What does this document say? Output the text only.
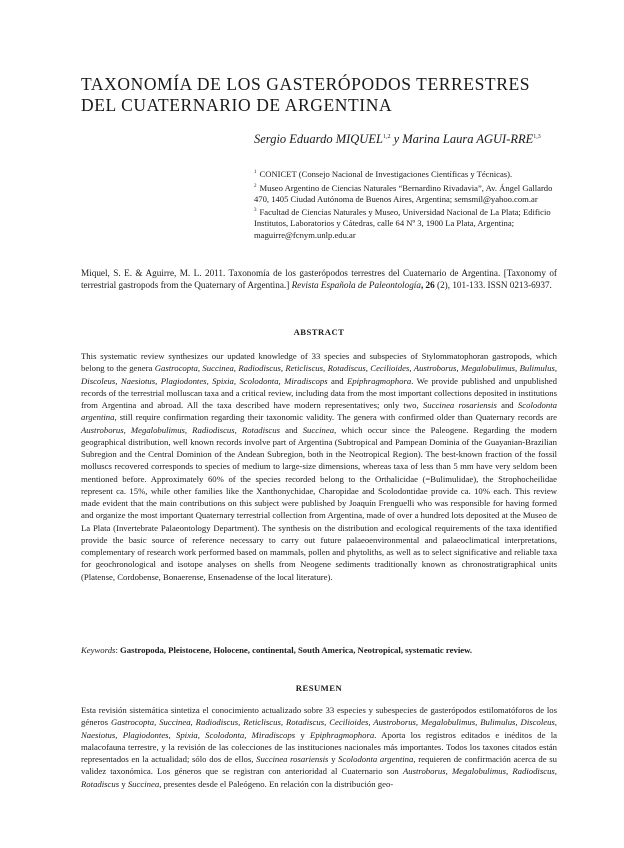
TAXONOMÍA DE LOS GASTERÓPODOS TERRESTRES DEL CUATERNARIO DE ARGENTINA
Sergio Eduardo MIQUEL$^{1,2}$ y Marina Laura AGUI-RRE$^{1,3}$

$^1$ CONICET (Consejo Nacional de Investigaciones Científicas y Técnicas).

$^2$ Museo Argentino de Ciencias Naturales “Bernardino Rivadavia”, Av. Ángel Gallardo 470, 1405 Ciudad Autónoma de Buenos Aires, Argentina; semsmil@yahoo.com.ar

$^3$ Facultad de Ciencias Naturales y Museo, Universidad Nacional de La Plata; Edificio Institutos, Laboratorios y Cátedras, calle 64 Nº 3, 1900 La Plata, Argentina; maguirre@fcnym.unlp.edu.ar

Miquel, S. E. & Aguirre, M. L. 2011. Taxonomía de los gasterópodos terrestres del Cuaternario de Argentina. [Taxonomy of terrestrial gastropods from the Quaternary of Argentina.] Revista Española de Paleontología, 26 (2), 101-133. ISSN 0213-6937.
ABSTRACT

This systematic review synthesizes our updated knowledge of 33 species and subspecies of Stylommatophoran gastropods, which belong to the genera Gastrocopta, Succinea, Radiodiscus, Reticliscus, Rotadiscus, Cecilioides, Austroborus, Megalobulimus, Bulimulus, Discoleus, Naesiotus, Plagiodontes, Spixia, Scolodonta, Miradiscops and Epiphragmophora. We provide published and unpublished records of the terrestrial molluscan taxa and a critical review, including data from the most important collections deposited in institutions from Argentina and abroad. All the taxa described have modern representatives; only two, Succinea rosariensis and Scolodonta argentina, still require confirmation regarding their taxonomic validity. The genera with confirmed older than Quaternary records are Austroborus, Megalobulimus, Radiodiscus, Rotadiscus and Succinea, which occur since the Paleogene. Regarding the modern geographical distribution, well known records involve part of Argentina (Subtropical and Pampean Dominia of the Guayanian-Brazilian Subregion and the Central Dominion of the Andean Subregion, both in the Neotropical Region). The best-known fraction of the fossil molluscs recovered corresponds to species of medium to large-size dimensions, whereas taxa of less than 5 mm have very seldom been mentioned before. Approximately 60% of the species recorded belong to the Orthalicidae (=Bulimulidae), the Strophocheilidae represent ca. 15%, while other families like the Xanthonychidae, Charopidae and Scolodontidae provide ca. 10% each. This review made evident that the main contributions on this subject were published by Joaquín Frenguelli who was responsible for having formed and organize the most important Quaternary terrestrial collection from Argentina, made of over a hundred lots deposited at the Museo de La Plata (Invertebrate Palaeontology Department). The synthesis on the distribution and ecological requirements of the taxa identified provide the basic source of reference necessary to carry out future palaeoenvironmental and palaeoclimatical interpretations, complementary of research work performed based on mammals, pollen and phytoliths, as well as to select significative and reliable taxa for geochronological and isotope analyses on shells from Neogene sediments traditionally known as chronostratigraphical units (Platense, Cordobense, Bonaerense, Ensenadense of the local literature).

Keywords: Gastropoda, Pleistocene, Holocene, continental, South America, Neotropical, systematic review.
RESUMEN

Esta revisión sistemática sintetiza el conocimiento actualizado sobre 33 especies y subespecies de gasterópodos estilomatóforos de los géneros Gastrocopta, Succinea, Radiodiscus, Reticliscus, Rotadiscus, Cecilioides, Austroborus, Megalobulimus, Bulimulus, Discoleus, Naesiotus, Plagiodontes, Spixia, Scolodonta, Miradiscops y Epiphragmophora. Aporta los registros editados e inéditos de la malacofauna terrestre, y la revisión de las colecciones de las instituciones nacionales más importantes. Todos los taxones citados están representados en la actualidad; sólo dos de ellos, Succinea rosariensis y Scolodonta argentina, requieren de confirmación acerca de su validez taxonómica. Los géneros que se registran con anterioridad al Cuaternario son Austroborus, Megalobulimus, Radiodiscus, Rotadiscus y Succinea, presentes desde el Paleógeno. En relación con la distribución geo-
